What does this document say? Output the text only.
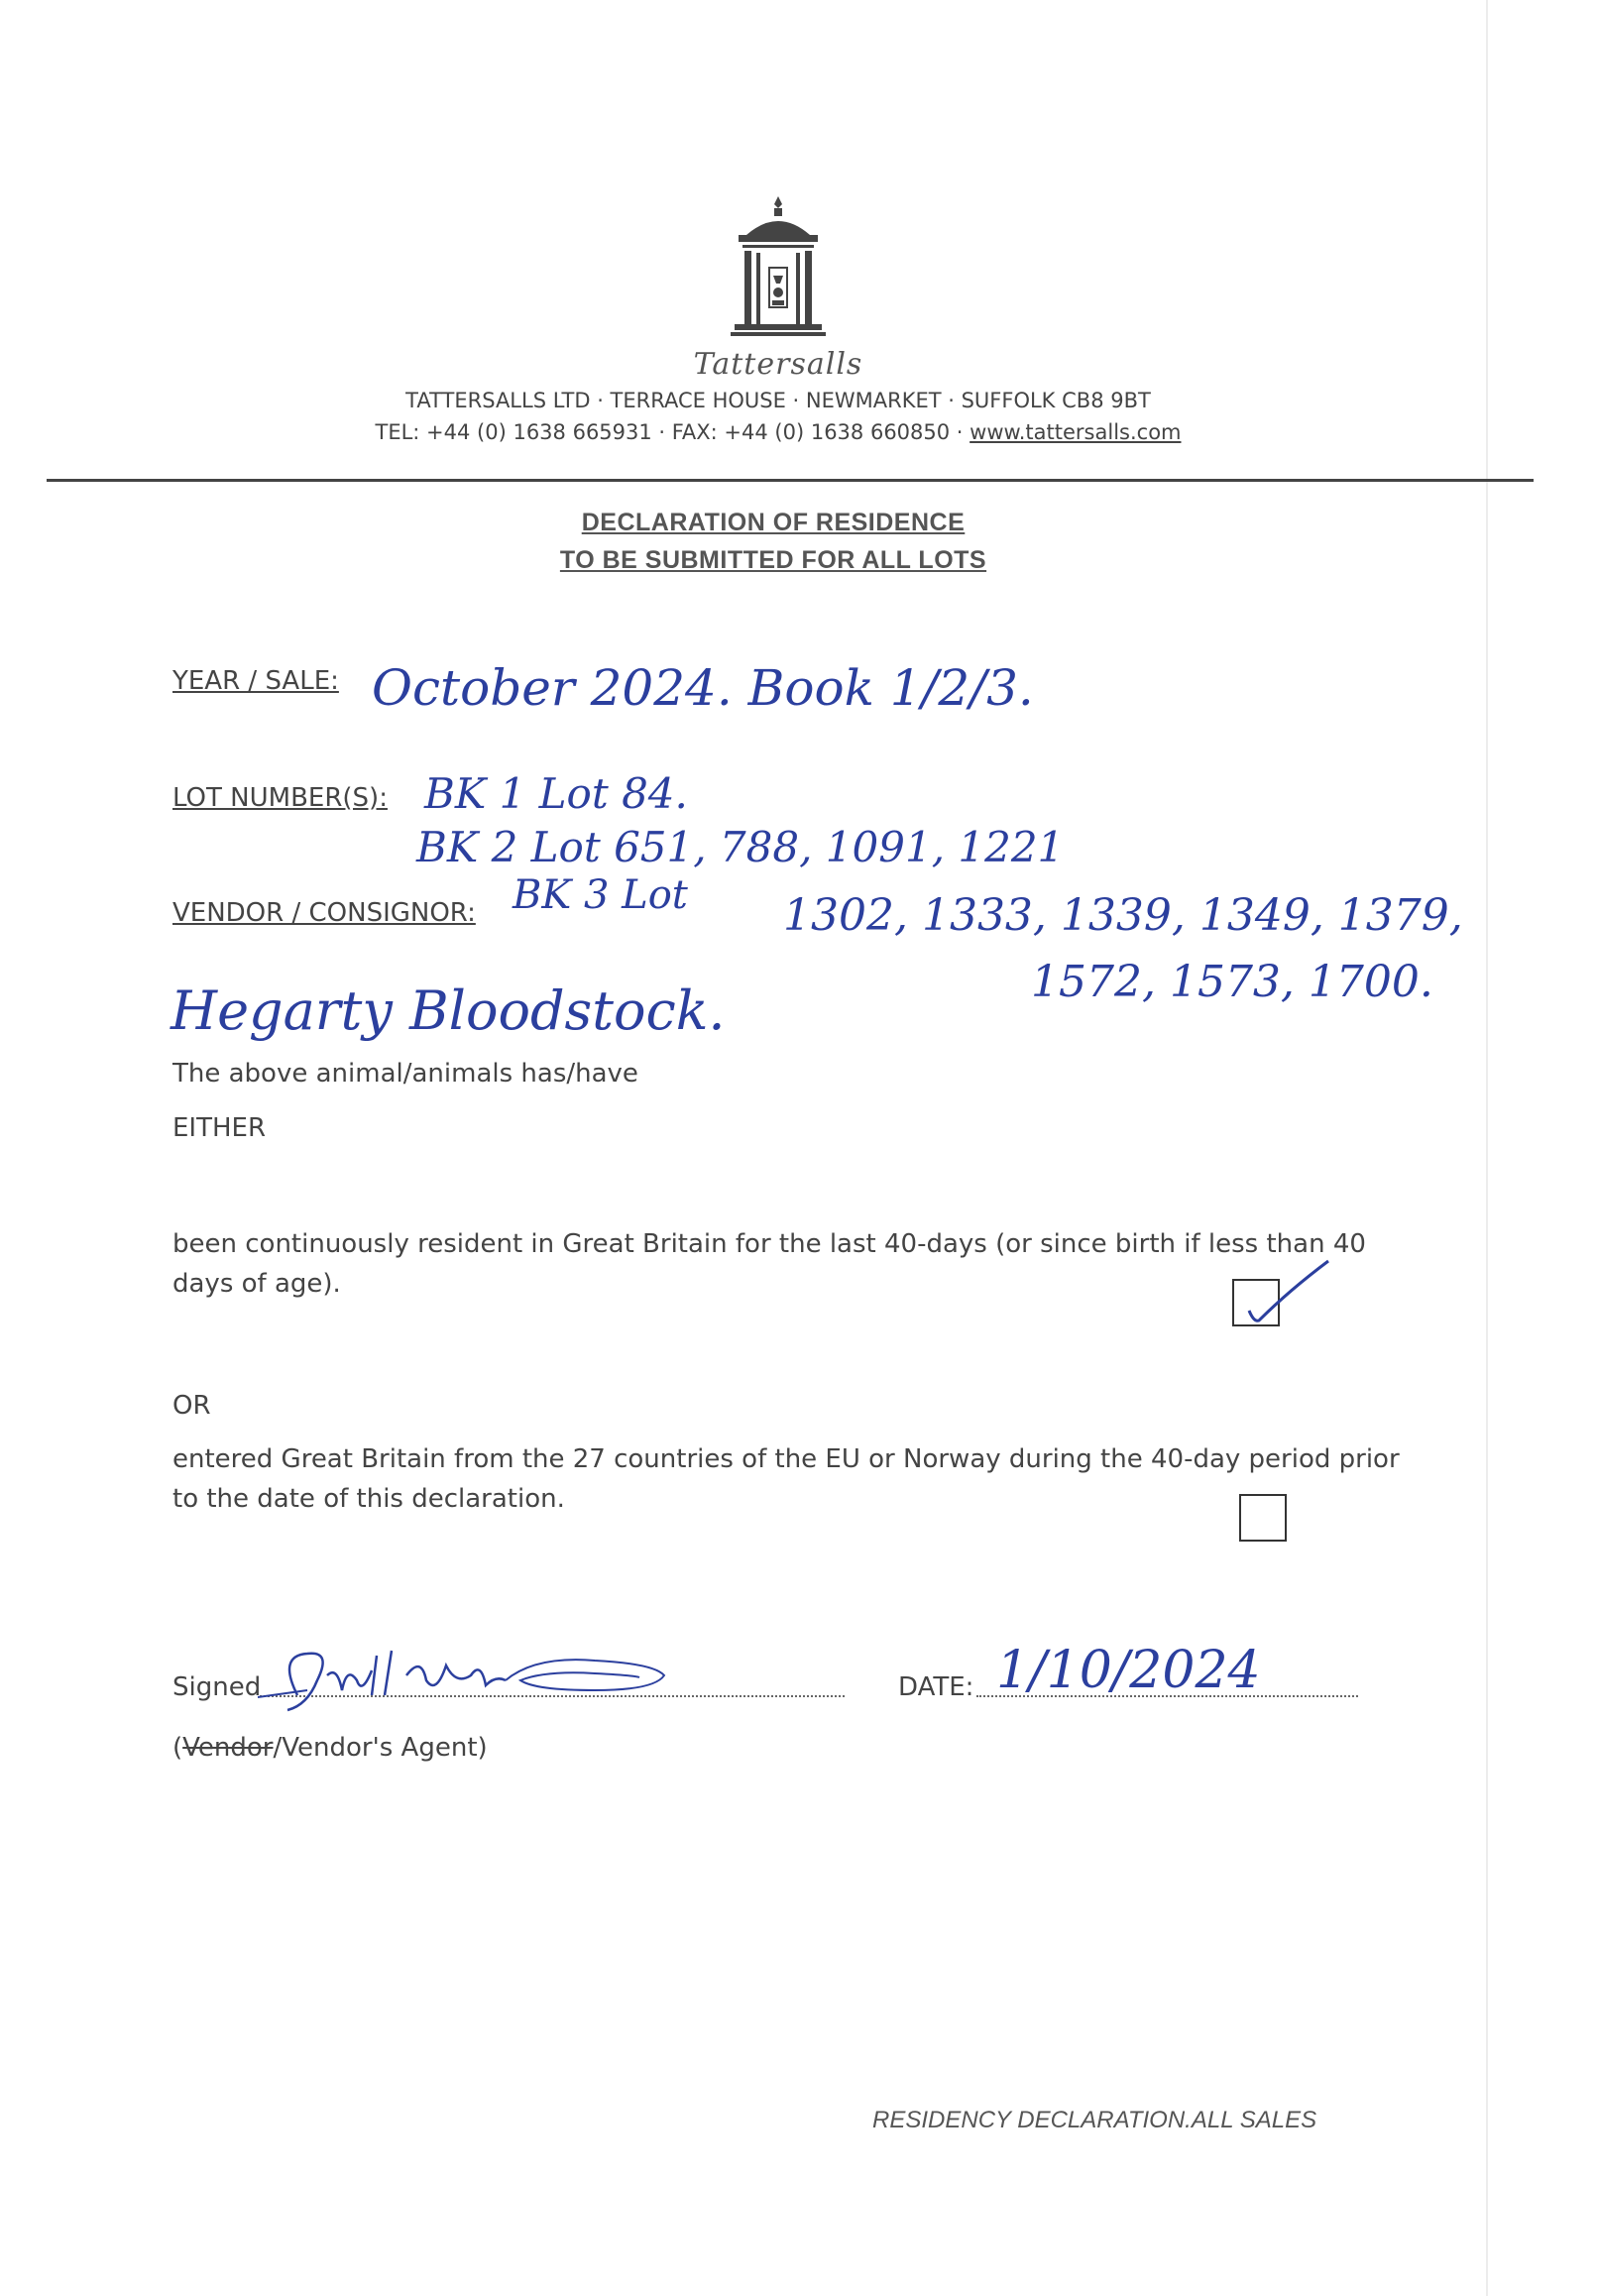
Tattersalls
TATTERSALLS LTD · TERRACE HOUSE · NEWMARKET · SUFFOLK CB8 9BT
TEL: +44 (0) 1638 665931 · FAX: +44 (0) 1638 660850 · www.tattersalls.com
DECLARATION OF RESIDENCE
TO BE SUBMITTED FOR ALL LOTS
YEAR / SALE: October 2024. Book 1/2/3.
LOT NUMBER(S): BK 1 Lot 84.
BK 2 Lot 651, 788, 1091, 1221
VENDOR / CONSIGNOR: BK 3 Lot 1302, 1333, 1339, 1349, 1379,
1572, 1573, 1700.
Hegarty Bloodstock.
The above animal/animals has/have
EITHER
been continuously resident in Great Britain for the last 40-days (or since birth if less than 40 days of age).
OR
entered Great Britain from the 27 countries of the EU or Norway during the 40-day period prior to the date of this declaration.
Signed
(Vendor/Vendor's Agent)
DATE: 1/10/2024
RESIDENCY DECLARATION.ALL SALES
